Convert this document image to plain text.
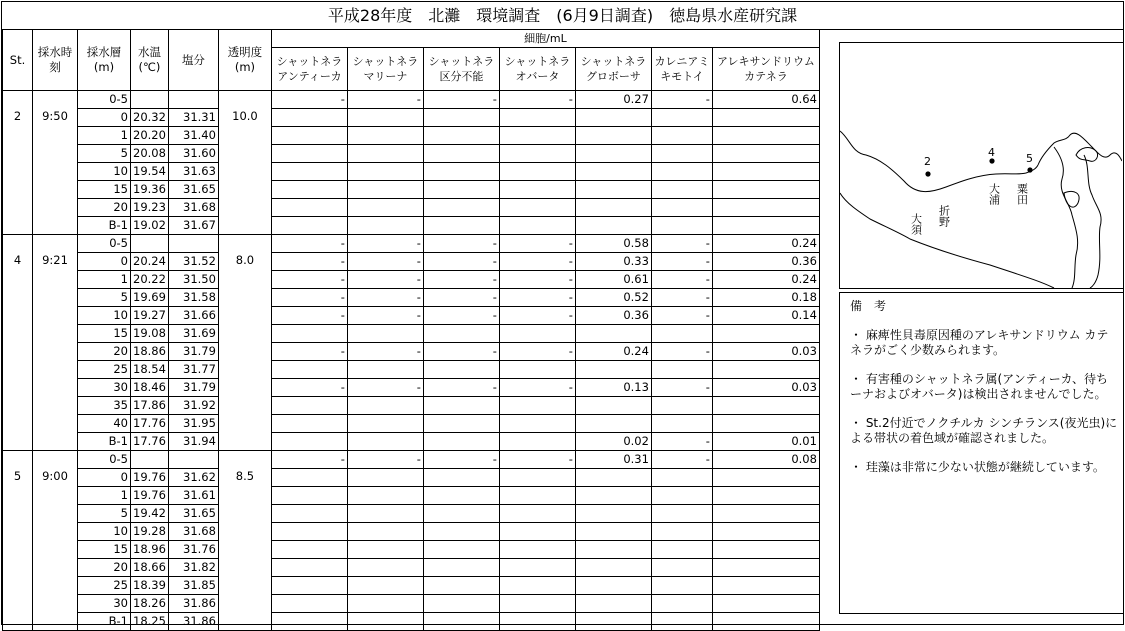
平成28年度　北灘　環境調査　(6月9日調査)　徳島県水産研究課
St.	採水時刻	採水層(m)	水温(℃)	塩分	透明度(m)	細胞/mL						
						シャットネラアンティーカ	シャットネラマリーナ	シャットネラ区分不能	シャットネラオバータ	シャットネラグロボーサ	カレニアミキモトイ	アレキサンドリウムカテネラ
2	9:50	0-5			10.0	-	-	-	-	0.27	-	0.64
		0	20.32	31.31								
		1	20.20	31.40								
		5	20.08	31.60								
		10	19.54	31.63								
		15	19.36	31.65								
		20	19.23	31.68								
		B-1	19.02	31.67								
4	9:21	0-5			8.0	-	-	-	-	0.58	-	0.24
		0	20.24	31.52		-	-	-	-	0.33	-	0.36
		1	20.22	31.50		-	-	-	-	0.61	-	0.24
		5	19.69	31.58		-	-	-	-	0.52	-	0.18
		10	19.27	31.66		-	-	-	-	0.36	-	0.14
		15	19.08	31.69								
		20	18.86	31.79		-	-	-	-	0.24	-	0.03
		25	18.54	31.77								
		30	18.46	31.79		-	-	-	-	0.13	-	0.03
		35	17.86	31.92								
		40	17.76	31.95								
		B-1	17.76	31.94						0.02	-	0.01
5	9:00	0-5			8.5	-	-	-	-	0.31	-	0.08
		0	19.76	31.62								
		1	19.76	31.61								
		5	19.42	31.65								
		10	19.28	31.68								
		15	18.96	31.76								
		20	18.66	31.82								
		25	18.39	31.85								
		30	18.26	31.86								
		B-1	18.25	31.86								
2
4	5
大須 折野
大浦 粟田
備　考

・ 麻痺性貝毒原因種のアレキサンドリウム カテネラがごく少数みられます。

・ 有害種のシャットネラ属(アンティーカ、待ちーナおよびオバータ)は検出されませんでした。

・ St.2付近でノクチルカ シンチランス(夜光虫)による帯状の着色域が確認されました。

・ 珪藻は非常に少ない状態が継続しています。
